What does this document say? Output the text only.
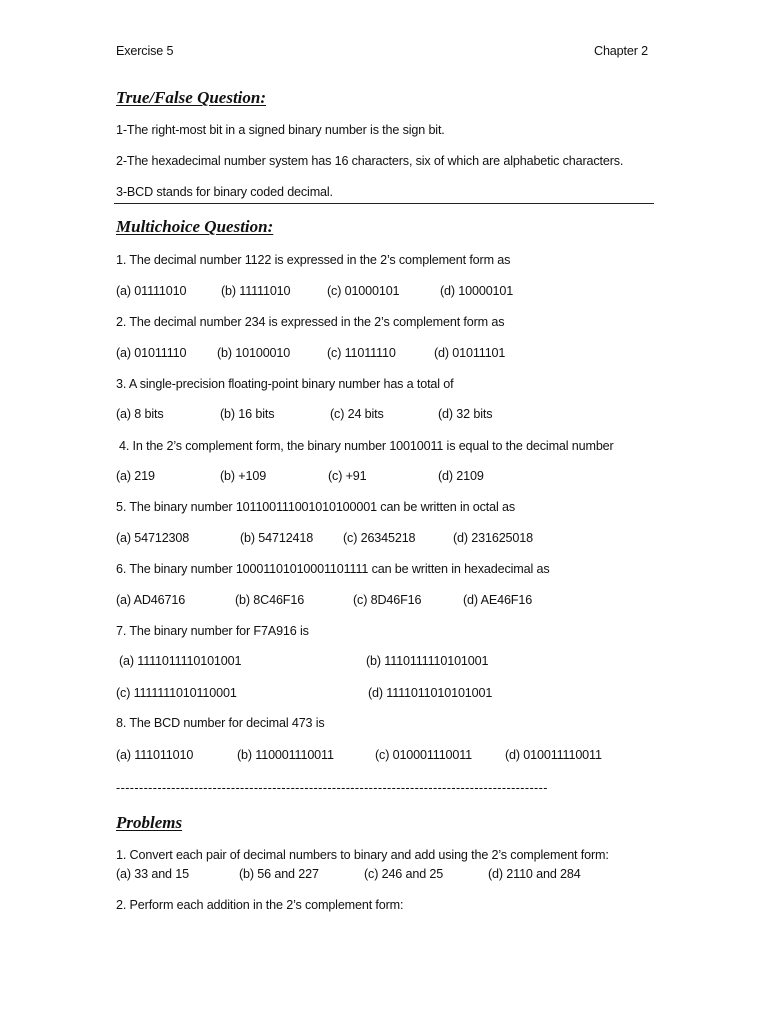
Exercise 5	Chapter 2
True/False Question:
1-The right-most bit in a signed binary number is the sign bit.
2-The hexadecimal number system has 16 characters, six of which are alphabetic characters.
3-BCD stands for binary coded decimal.
Multichoice Question:
1. The decimal number 1122 is expressed in the 2’s complement form as
(a) 01111010	(b) 11111010	(c) 01000101	(d) 10000101
2. The decimal number 234 is expressed in the 2’s complement form as
(a) 01011110 (b) 10100010	(c) 11011110	(d) 01011101
3. A single-precision floating-point binary number has a total of
(a) 8 bits	(b) 16 bits	(c) 24 bits	(d) 32 bits
4. In the 2’s complement form, the binary number 10010011 is equal to the decimal number
(a) 219	(b) +109	(c) +91	(d) 2109
5. The binary number 101100111001010100001 can be written in octal as
(a) 54712308	(b) 54712418 (c) 26345218	(d) 231625018
6. The binary number 10001101010001101111 can be written in hexadecimal as
(a) AD46716	(b) 8C46F16	(c) 8D46F16	(d) AE46F16
7. The binary number for F7A916 is
(a) 1111011110101001	(b) 1110111110101001
(c) 1111111010110001	(d) 1111011010101001
8. The BCD number for decimal 473 is
(a) 111011010	(b) 110001110011	(c) 010001110011	(d) 010011110011
----------------------------------------------------------------------------------------------
Problems
1. Convert each pair of decimal numbers to binary and add using the 2’s complement form:
(a) 33 and 15	(b) 56 and 227	(c) 246 and 25	(d) 2110 and 284
2. Perform each addition in the 2’s complement form:
